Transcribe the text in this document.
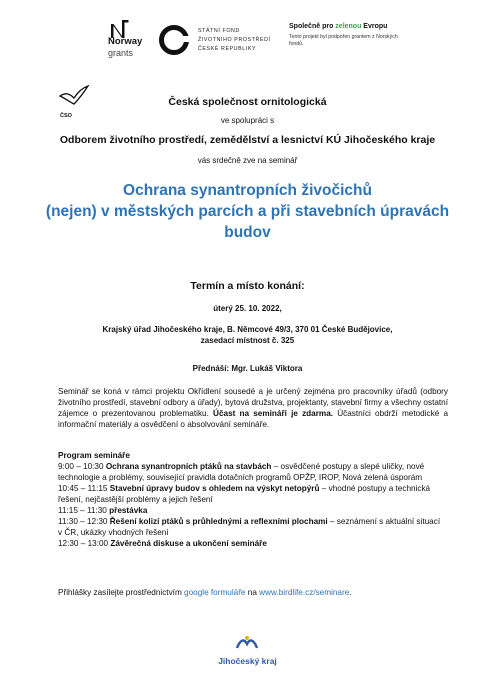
Norway
grants
STÁTNÍ FOND
ŽIVOTNÍHO PROSTŘEDÍ
ČESKÉ REPUBLIKY
Společně pro zelenou Evropu
Tento projekt byl podpořen grantem z Norských fondů.
ČSO
Česká společnost ornitologická
ve spolupráci s
Odborem životního prostředí, zemědělství a lesnictví KÚ Jihočeského kraje
vás srdečně zve na seminář
Ochrana synantropních živočichů
(nejen) v městských parcích a při stavebních úpravách
budov
Termín a místo konání:
úterý 25. 10. 2022,
Krajský úřad Jihočeského kraje, B. Němcové 49/3, 370 01 České Budějovice,
zasedací místnost č. 325
Přednáší: Mgr. Lukáš Viktora
Seminář se koná v rámci projektu Okřídlení sousedé a je určený zejména pro pracovníky úřadů (odbory životního prostředí, stavební odbory a úřady), bytová družstva, projektanty, stavební firmy a všechny ostatní zájemce o prezentovanou problematiku. Účast na semináři je zdarma. Účastníci obdrží metodické a informační materiály a osvědčení o absolvování semináře.
Program semináře
9:00 – 10:30 Ochrana synantropních ptáků na stavbách – osvědčené postupy a slepé uličky, nové technologie a problémy, související pravidla dotačních programů OPŽP, IROP, Nová zelená úsporám
10:45 – 11:15 Stavební úpravy budov s ohledem na výskyt netopýrů – vhodné postupy a technická řešení, nejčastější problémy a jejich řešení
11:15 – 11:30 přestávka
11:30 – 12:30 Řešení kolizí ptáků s průhlednými a reflexními plochami – seznámení s aktuální situací v ČR, ukázky vhodných řešení
12:30 – 13:00 Závěrečná diskuse a ukončení semináře
Přihlášky zasílejte prostřednictvím google formuláře na www.birdlife.cz/seminare.
Jihočeský kraj
